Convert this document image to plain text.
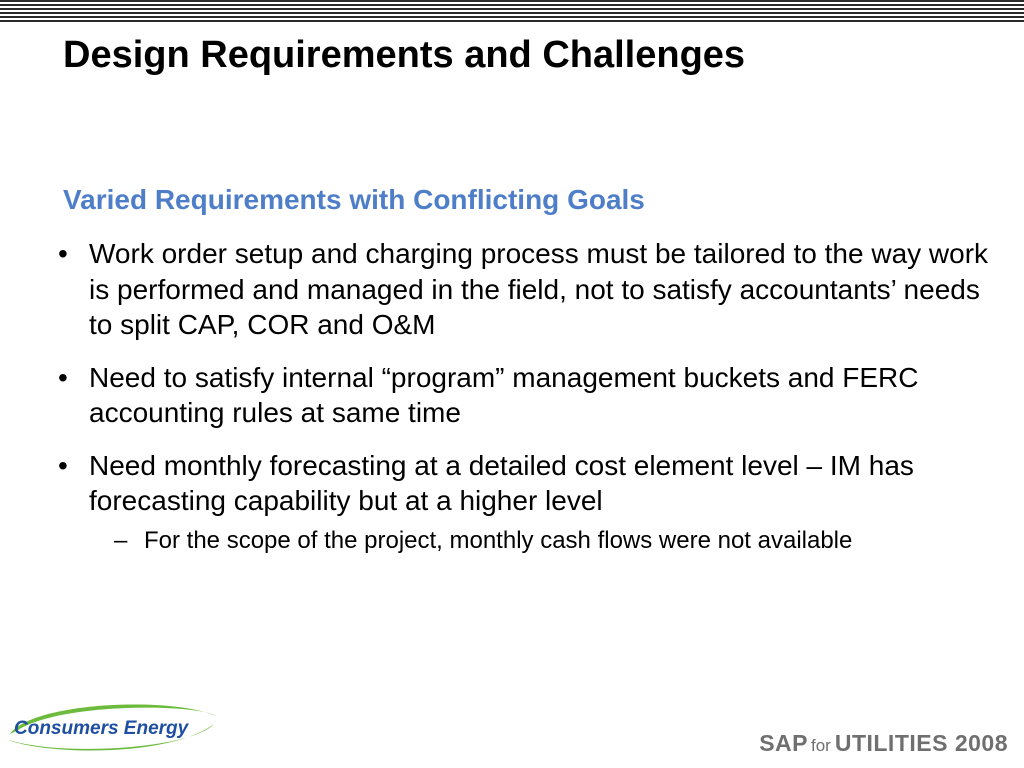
Design Requirements and Challenges
Varied Requirements with Conflicting Goals
• Work order setup and charging process must be tailored to the way work is performed and managed in the field, not to satisfy accountants’ needs to split CAP, COR and O&M
• Need to satisfy internal “program” management buckets and FERC accounting rules at same time
• Need monthly forecasting at a detailed cost element level – IM has forecasting capability but at a higher level
– For the scope of the project, monthly cash flows were not available
Consumers Energy
SAP for UTILITIES 2008
